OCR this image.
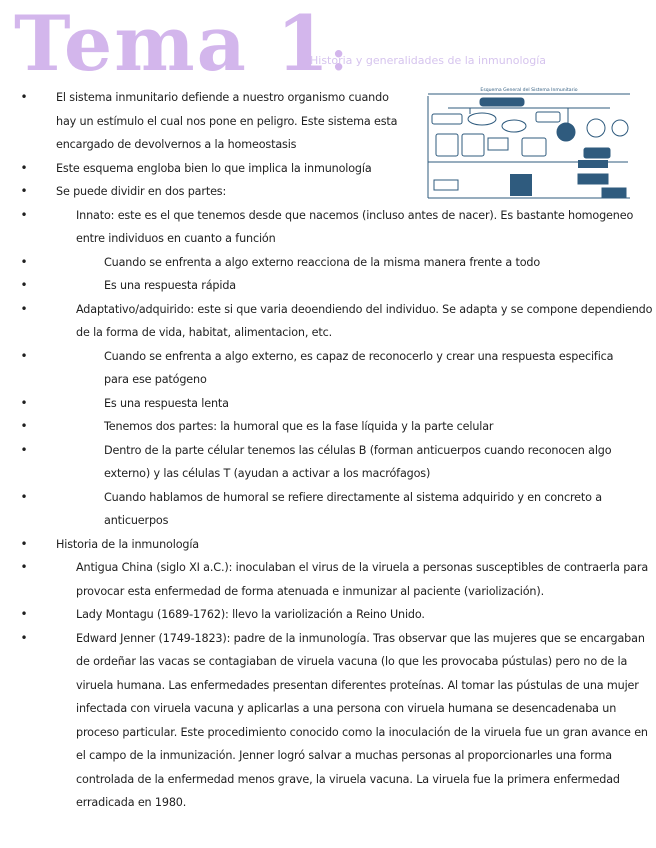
Tema 1:
Historia y generalidades de la inmunología
Esquema General del Sistema Inmunitario
•	El sistema inmunitario defiende a nuestro organismo cuando hay un estímulo el cual nos pone en peligro. Este sistema esta encargado de devolvernos a la homeostasis
•	Este esquema engloba bien lo que implica la inmunología
•	Se puede dividir en dos partes:
•	Innato: este es el que tenemos desde que nacemos (incluso antes de nacer). Es bastante homogeneo entre individuos en cuanto a función
•	Cuando se enfrenta a algo externo reacciona de la misma manera frente a todo
•	Es una respuesta rápida
•	Adaptativo/adquirido: este si que varia deoendiendo del individuo. Se adapta y se compone dependiendo de la forma de vida, habitat, alimentacion, etc.
•	Cuando se enfrenta a algo externo, es capaz de reconocerlo y crear una respuesta especifica para ese patógeno
•	Es una respuesta lenta
•	Tenemos dos partes: la humoral que es la fase líquida y la parte celular
•	Dentro de la parte célular tenemos las células B (forman anticuerpos cuando reconocen algo externo) y las células T (ayudan a activar a los macrófagos)
•	Cuando hablamos de humoral se refiere directamente al sistema adquirido y en concreto a anticuerpos
•	Historia de la inmunología
•	Antigua China (siglo XI a.C.): inoculaban el virus de la viruela a personas susceptibles de contraerla para provocar esta enfermedad de forma atenuada e inmunizar al paciente (variolización).
•	Lady Montagu (1689-1762): llevo la variolización a Reino Unido.
•	Edward Jenner (1749-1823): padre de la inmunología. Tras observar que las mujeres que se encargaban de ordeñar las vacas se contagiaban de viruela vacuna (lo que les provocaba pústulas) pero no de la viruela humana. Las enfermedades presentan diferentes proteínas. Al tomar las pústulas de una mujer infectada con viruela vacuna y aplicarlas a una persona con viruela humana se desencadenaba un proceso particular. Este procedimiento conocido como la inoculación de la viruela fue un gran avance en el campo de la inmunización. Jenner logró salvar a muchas personas al proporcionarles una forma controlada de la enfermedad menos grave, la viruela vacuna. La viruela fue la primera enfermedad erradicada en 1980.
